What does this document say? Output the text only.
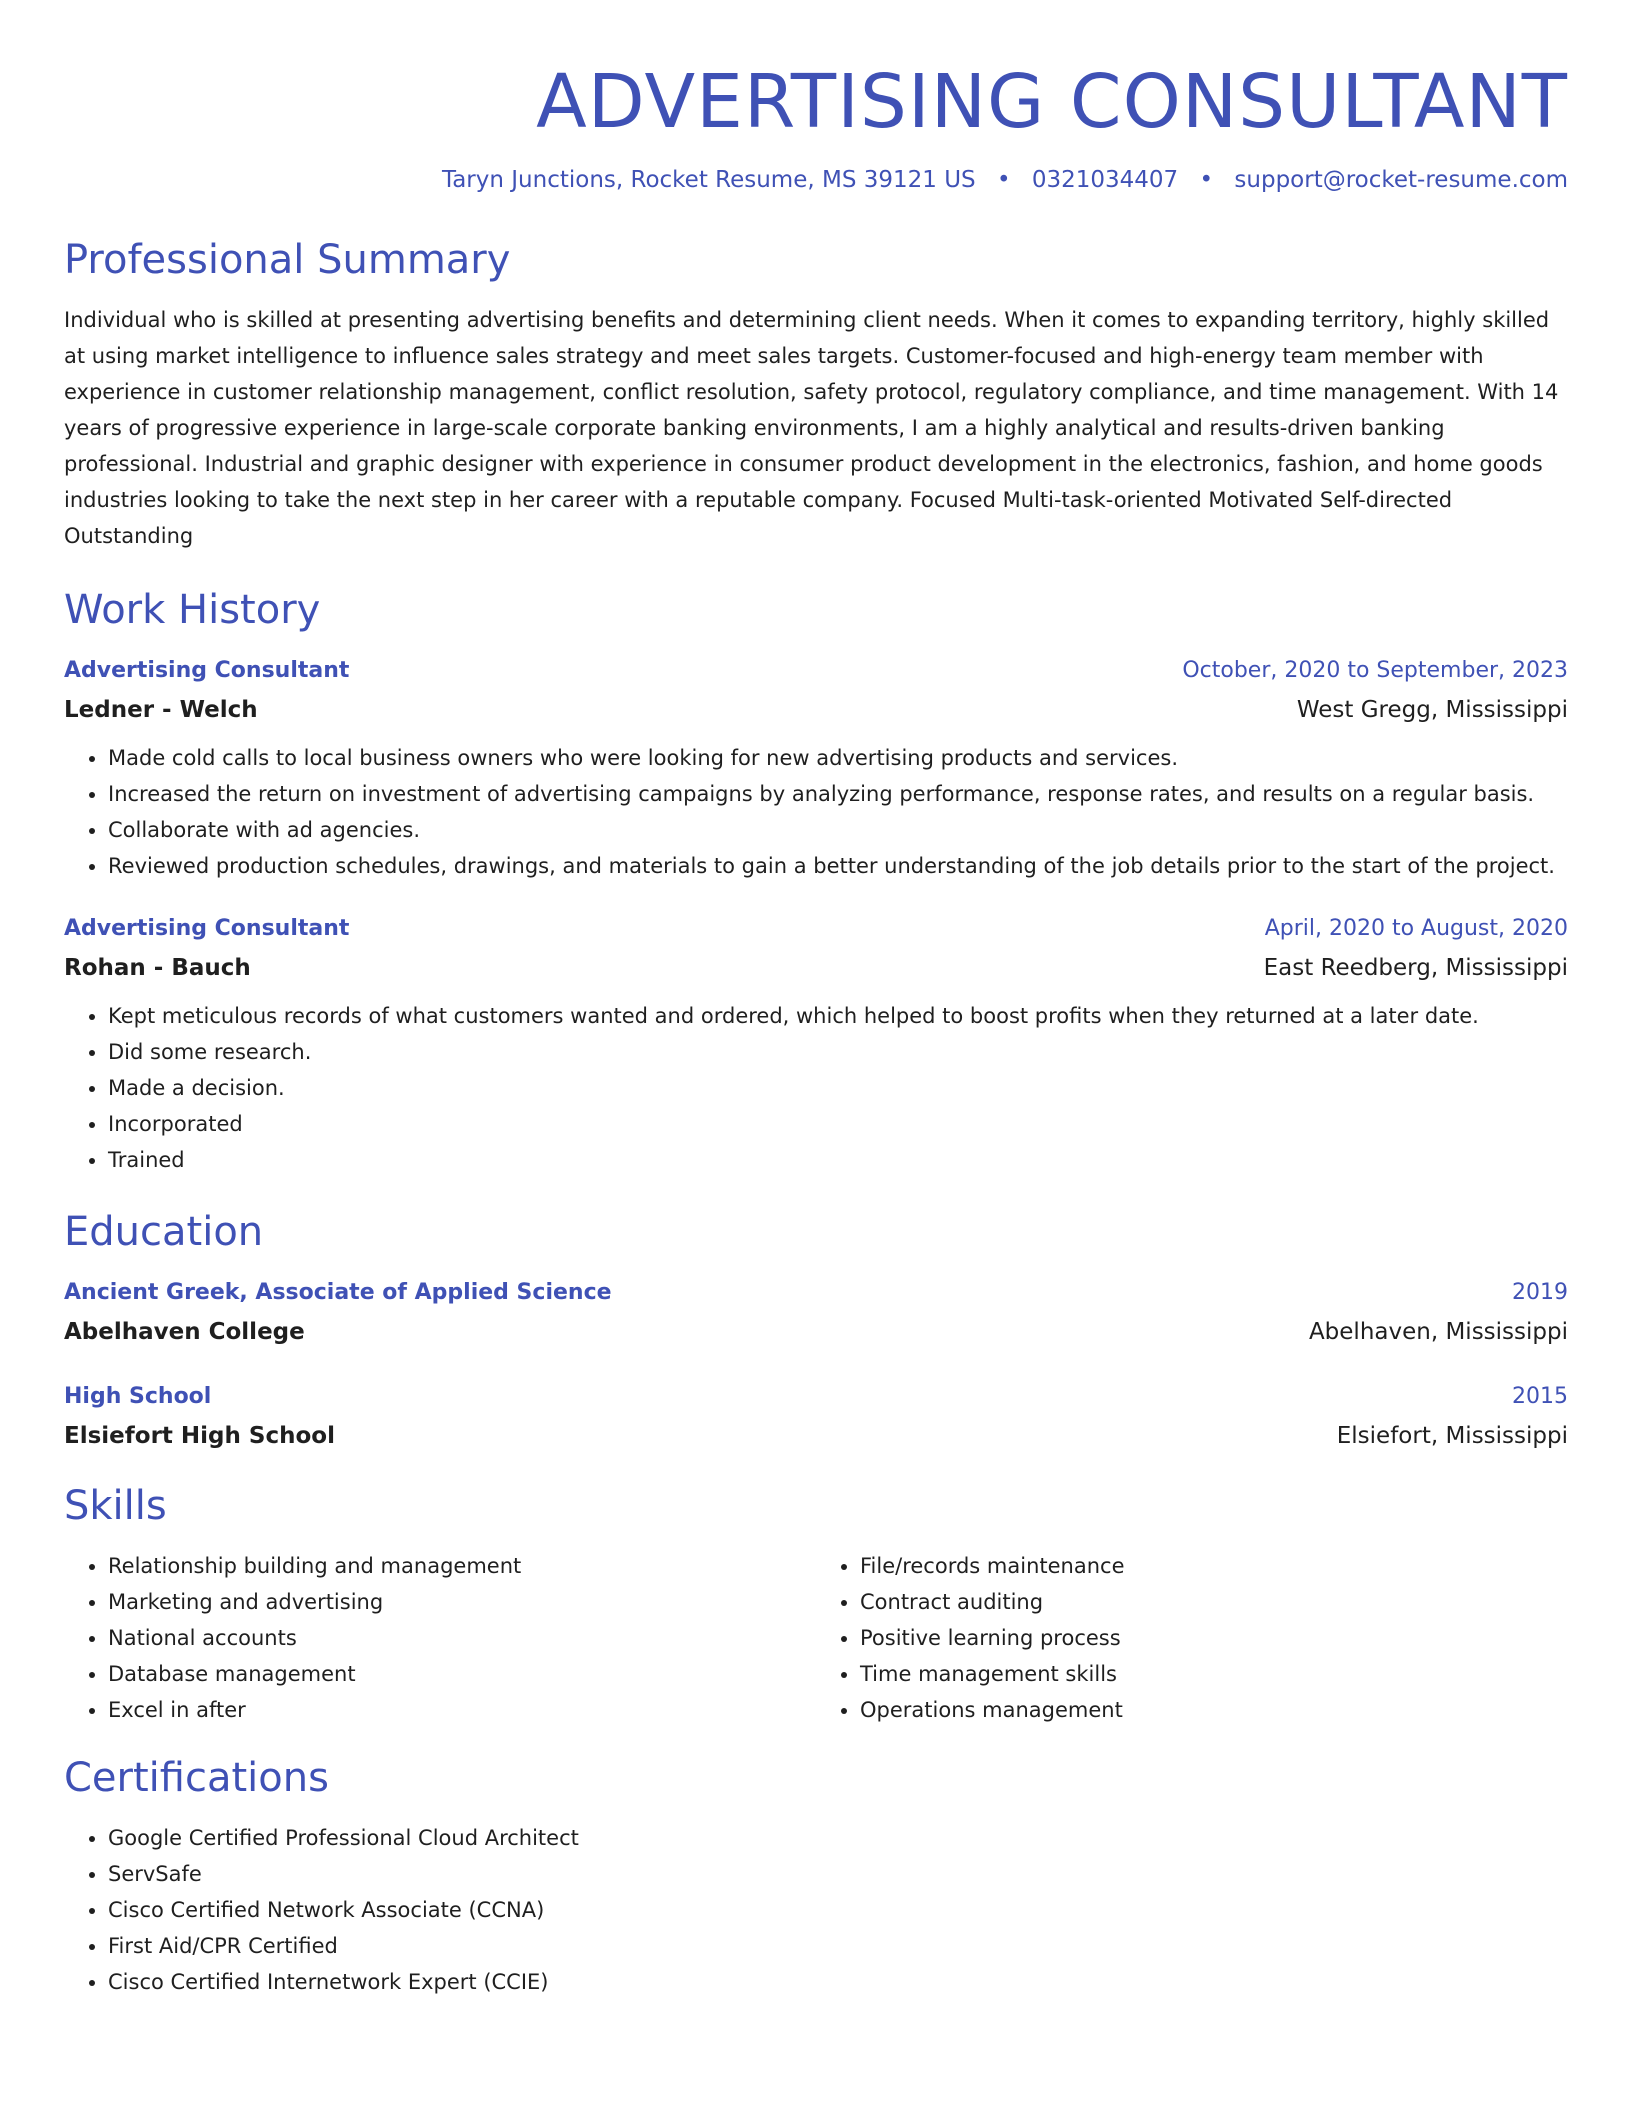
ADVERTISING CONSULTANT
Taryn Junctions, Rocket Resume, MS 39121 US • 0321034407 • support@rocket-resume.com
Professional Summary
Individual who is skilled at presenting advertising benefits and determining client needs. When it comes to expanding territory, highly skilled at using market intelligence to influence sales strategy and meet sales targets. Customer-focused and high-energy team member with experience in customer relationship management, conflict resolution, safety protocol, regulatory compliance, and time management. With 14 years of progressive experience in large-scale corporate banking environments, I am a highly analytical and results-driven banking professional. Industrial and graphic designer with experience in consumer product development in the electronics, fashion, and home goods industries looking to take the next step in her career with a reputable company. Focused Multi-task-oriented Motivated Self-directed Outstanding
Work History
Advertising Consultant	October, 2020 to September, 2023
Ledner - Welch	West Gregg, Mississippi
• Made cold calls to local business owners who were looking for new advertising products and services.
• Increased the return on investment of advertising campaigns by analyzing performance, response rates, and results on a regular basis.
• Collaborate with ad agencies.
• Reviewed production schedules, drawings, and materials to gain a better understanding of the job details prior to the start of the project.
Advertising Consultant	April, 2020 to August, 2020
Rohan - Bauch	East Reedberg, Mississippi
• Kept meticulous records of what customers wanted and ordered, which helped to boost profits when they returned at a later date.
• Did some research.
• Made a decision.
• Incorporated
• Trained
Education
Ancient Greek, Associate of Applied Science	2019
Abelhaven College	Abelhaven, Mississippi
High School	2015
Elsiefort High School	Elsiefort, Mississippi
Skills
• Relationship building and management
• Marketing and advertising
• National accounts
• Database management
• Excel in after
• File/records maintenance
• Contract auditing
• Positive learning process
• Time management skills
• Operations management
Certifications
• Google Certified Professional Cloud Architect
• ServSafe
• Cisco Certified Network Associate (CCNA)
• First Aid/CPR Certified
• Cisco Certified Internetwork Expert (CCIE)
